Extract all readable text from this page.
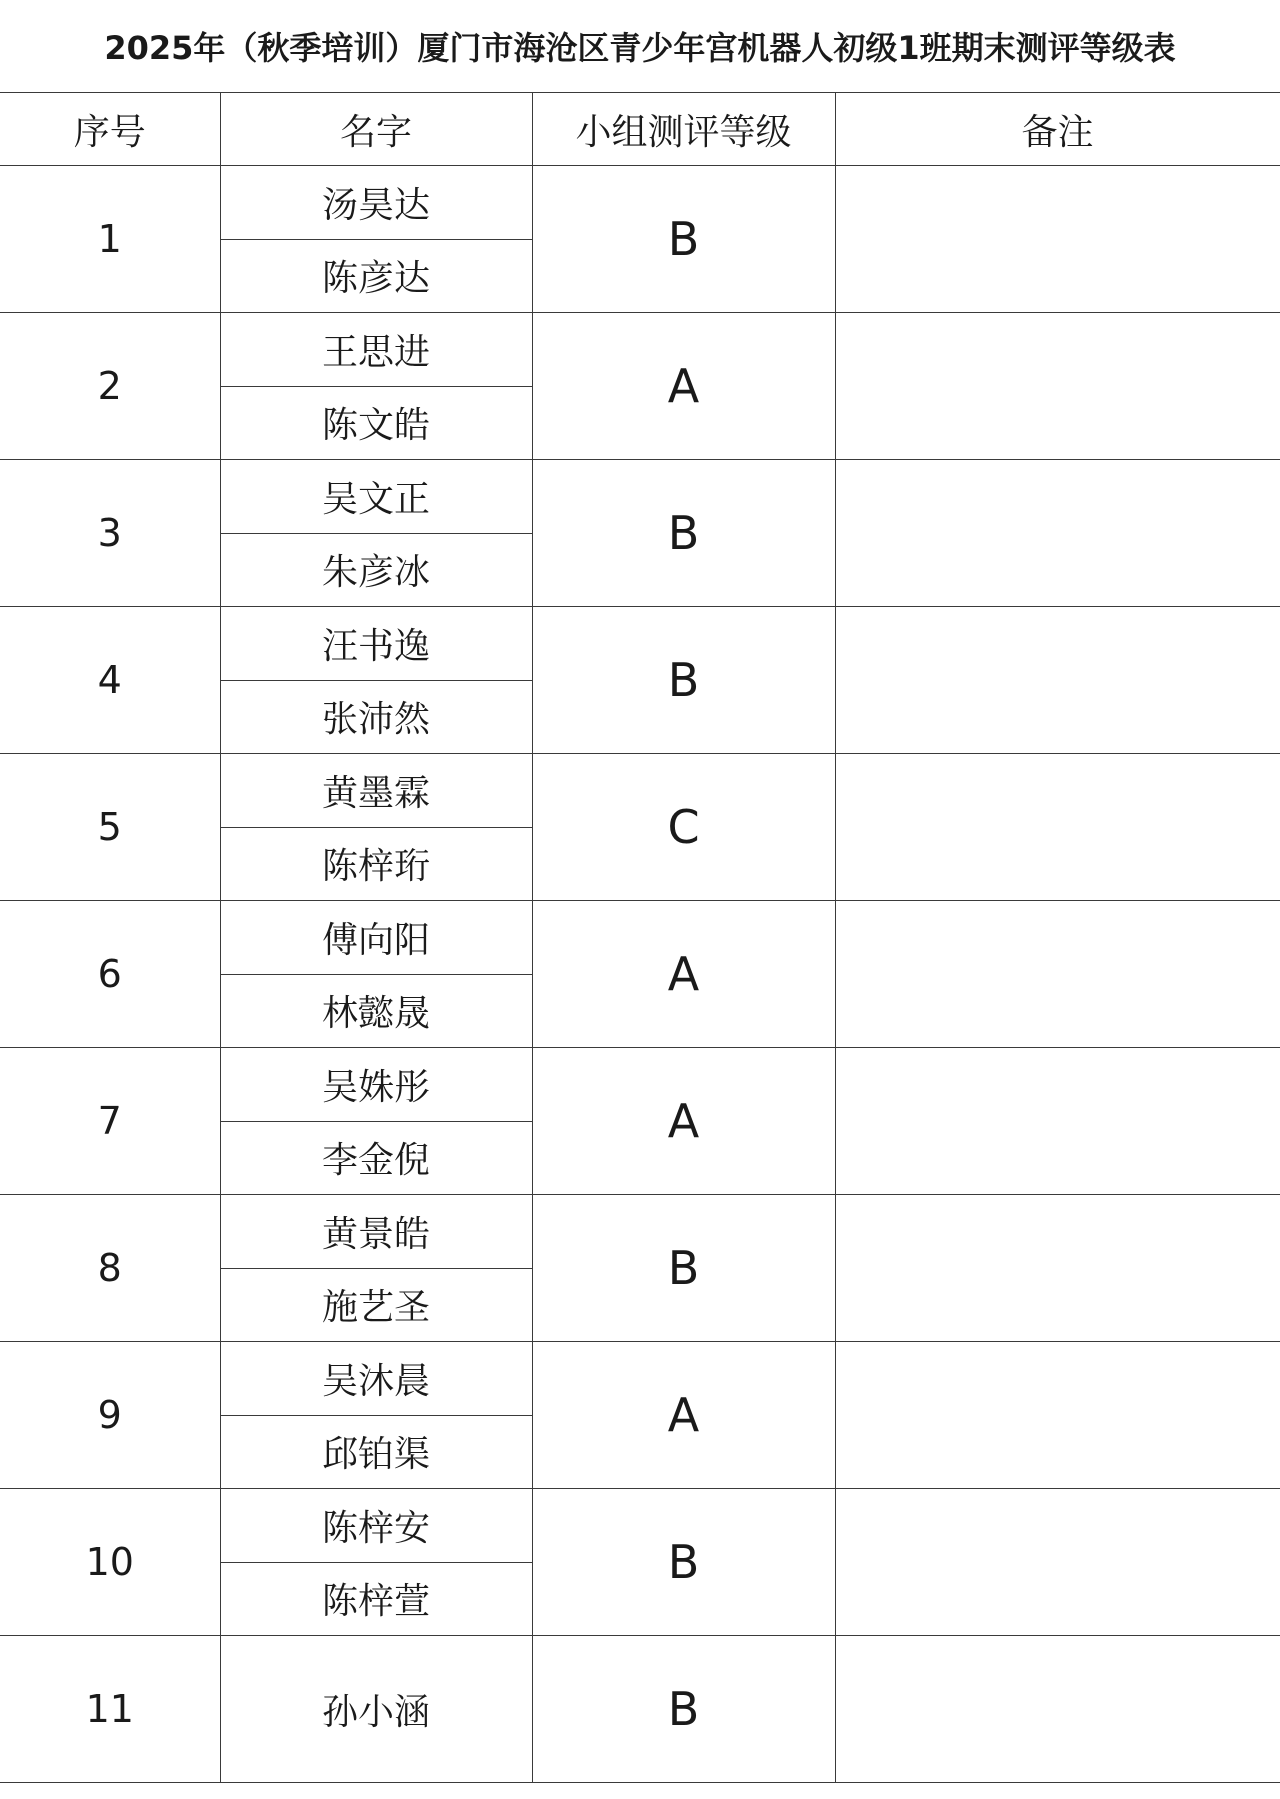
2025年（秋季培训）厦门市海沧区青少年宫机器人初级1班期末测评等级表
序号	名字	小组测评等级	备注
1	汤昊达	B	
	陈彦达		
2	王思进	A	
	陈文皓		
3	吴文正	B	
	朱彦冰		
4	汪书逸	B	
	张沛然		
5	黄墨霖	C	
	陈梓珩		
6	傅向阳	A	
	林懿晟		
7	吴姝彤	A	
	李金倪		
8	黄景皓	B	
	施艺圣		
9	吴沐晨	A	
	邱铂渠		
10	陈梓安	B	
	陈梓萱		
11	孙小涵	B	
